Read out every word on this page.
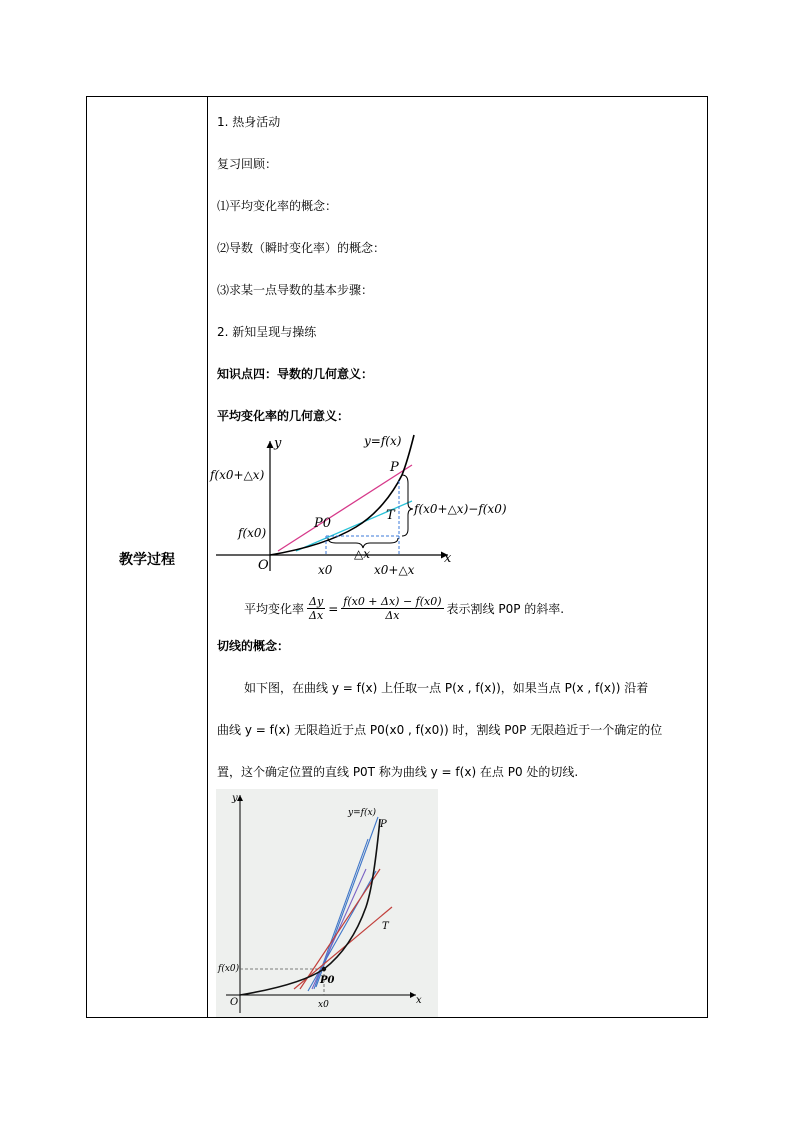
教学过程
1. 热身活动
复习回顾：
⑴平均变化率的概念：
⑵导数（瞬时变化率）的概念：
⑶求某一点导数的基本步骤：
2. 新知呈现与操练
知识点四：导数的几何意义：
平均变化率的几何意义：
y
x
O
y=f(x)
P
P0
T
f(x0+△x)
f(x0)
x0	x0+△x
△x
f(x0+△x)−f(x0)
平均变化率 $\frac{\Delta y}{\Delta x} = \frac{f(x0 + \Delta x) - f(x0)}{\Delta x}$ 表示割线 P0P 的斜率.
切线的概念：
如下图，在曲线 y = f(x) 上任取一点 P(x , f(x))，如果当点 P(x , f(x)) 沿着
曲线 y = f(x) 无限趋近于点 P0(x0 , f(x0)) 时，割线 P0P 无限趋近于一个确定的位
置，这个确定位置的直线 P0T 称为曲线 y = f(x) 在点 P0 处的切线.
y
x
O
y=f(x)
P
P0
T
f(x0)
x0
